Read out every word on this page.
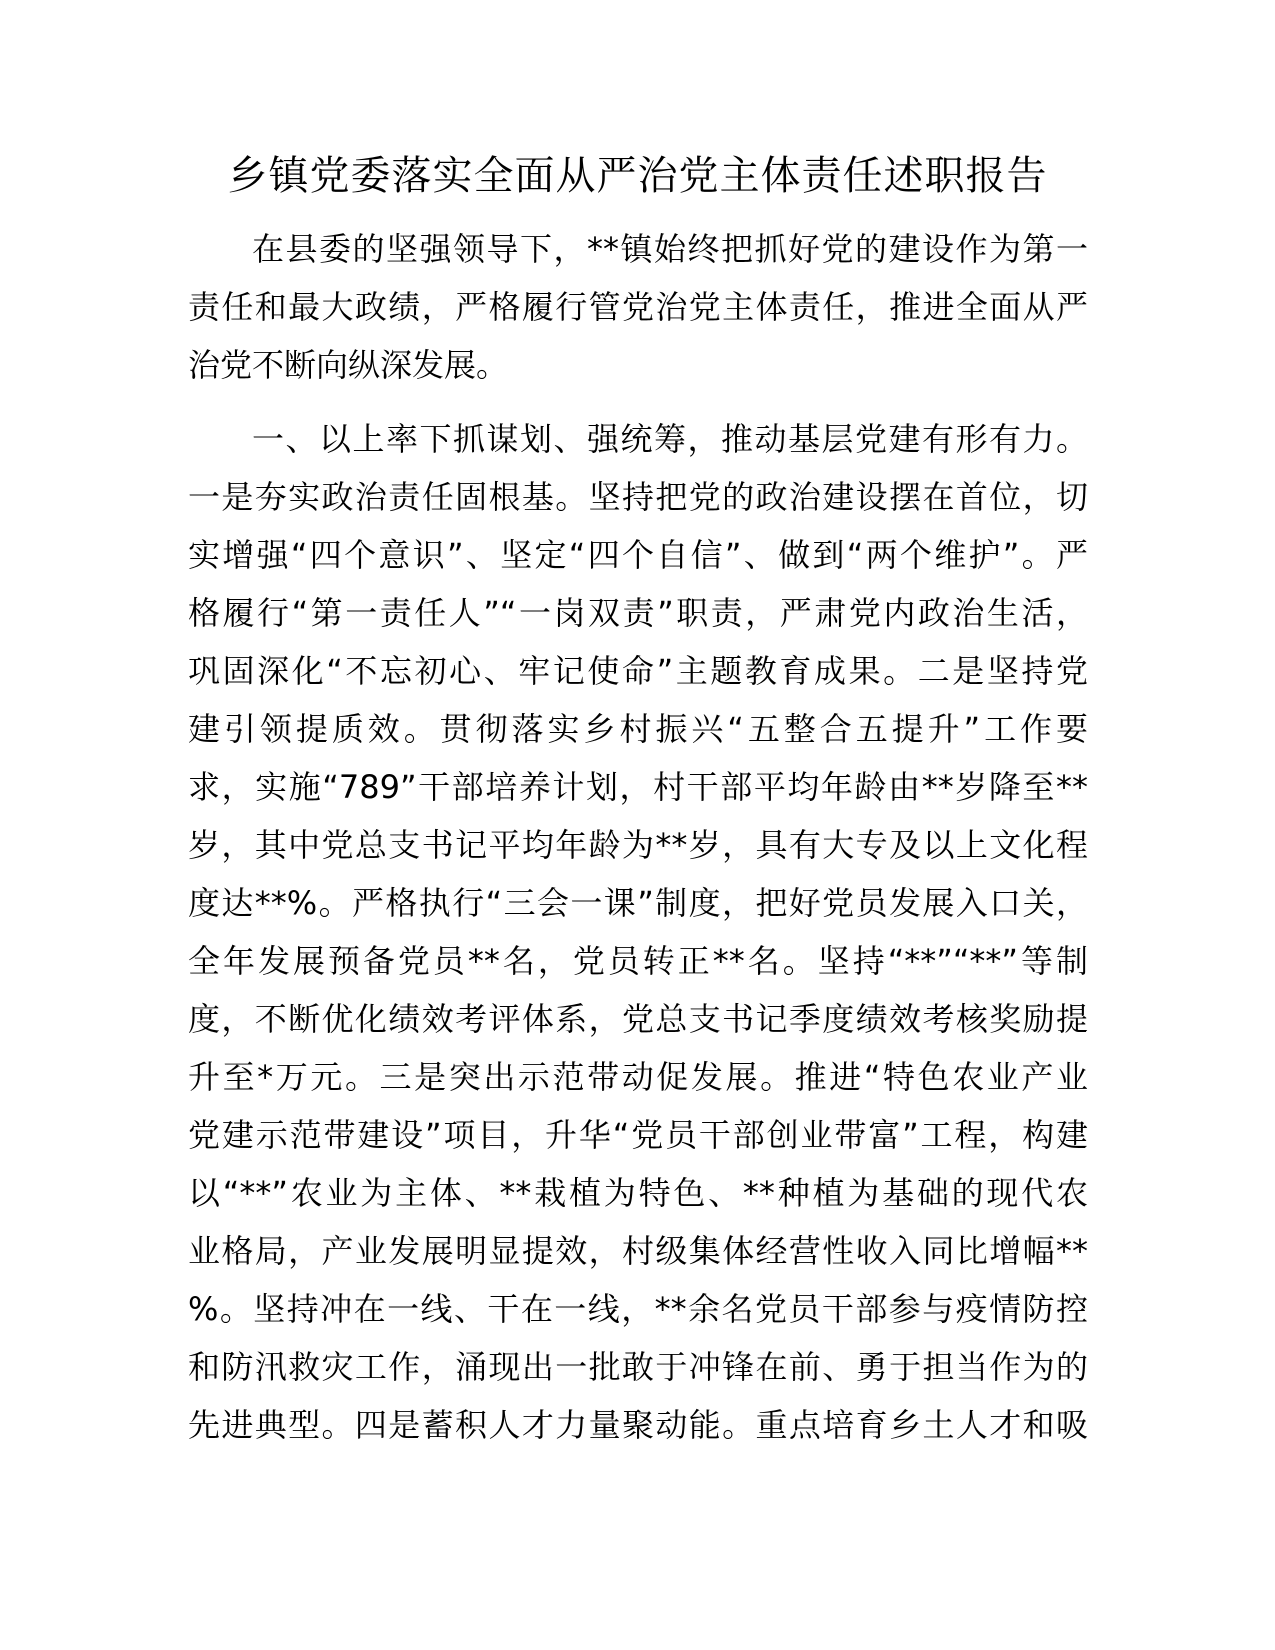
乡镇党委落实全面从严治党主体责任述职报告
在县委的坚强领导下，**镇始终把抓好党的建设作为第一
责任和最大政绩，严格履行管党治党主体责任，推进全面从严
治党不断向纵深发展。
一、以上率下抓谋划、强统筹，推动基层党建有形有力。
一是夯实政治责任固根基。坚持把党的政治建设摆在首位，切
实增强“四个意识”、坚定“四个自信”、做到“两个维护”。严
格履行“第一责任人”“一岗双责”职责，严肃党内政治生活，
巩固深化“不忘初心、牢记使命”主题教育成果。二是坚持党
建引领提质效。贯彻落实乡村振兴“五整合五提升”工作要
求，实施“789”干部培养计划，村干部平均年龄由**岁降至**
岁，其中党总支书记平均年龄为**岁，具有大专及以上文化程
度达**%。严格执行“三会一课”制度，把好党员发展入口关，
全年发展预备党员**名，党员转正**名。坚持“**”“**”等制
度，不断优化绩效考评体系，党总支书记季度绩效考核奖励提
升至*万元。三是突出示范带动促发展。推进“特色农业产业
党建示范带建设”项目，升华“党员干部创业带富”工程，构建
以“**”农业为主体、**栽植为特色、**种植为基础的现代农
业格局，产业发展明显提效，村级集体经营性收入同比增幅**
%。坚持冲在一线、干在一线，**余名党员干部参与疫情防控
和防汛救灾工作，涌现出一批敢于冲锋在前、勇于担当作为的
先进典型。四是蓄积人才力量聚动能。重点培育乡土人才和吸
